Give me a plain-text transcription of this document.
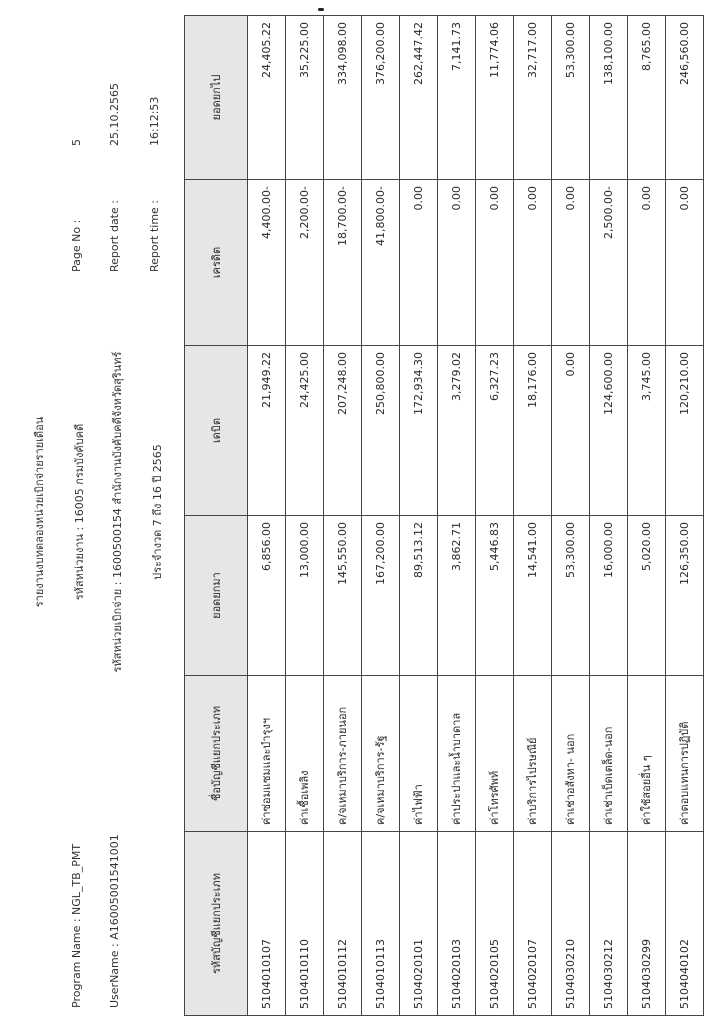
Program Name : NGL_TB_PMT UserName : A1600500154​1001
Page No :5
Report date :25.10.2565
Report time :16:12:53
รายงานงบทดลองหน่วยเบิกจ่ายรายเดือน รหัสหน่วยงาน : 16005 กรมบังคับคดี รหัสหน่วยเบิกจ่าย : 1600500154 สำนักงานบังคับคดีจังหวัดสุรินทร์ ประจำงวด 7 ถึง 16 ปี 2565
รหัสบัญชีแยกประเภท	ชื่อบัญชีแยกประเภท	ยอดยกมา	เดบิต	เครดิต	ยอดยกไป
5104010107	ค่าซ่อมแซมและบำรุงฯ	6,856.00	21,949.22	4,400.00-	24,405.22
5104010110	ค่าเชื้อเพลิง	13,000.00	24,425.00	2,200.00-	35,225.00
5104010112	ค/จเหมาบริการ-ภายนอก	145,550.00	207,248.00	18,700.00-	334,098.00
5104010113	ค/จเหมาบริการ-รัฐ	167,200.00	250,800.00	41,800.00-	376,200.00
5104020101	ค่าไฟฟ้า	89,513.12	172,934.30	0.00	262,447.42
5104020103	ค่าประปาและน้ำบาดาล	3,862.71	3,279.02	0.00	7,141.73
5104020105	ค่าโทรศัพท์	5,446.83	6,327.23	0.00	11,774.06
5104020107	ค่าบริการไปรษณีย์	14,541.00	18,176.00	0.00	32,717.00
5104030210	ค่าเช่าอสังหา- นอก	53,300.00	0.00	0.00	53,300.00
5104030212	ค่าเช่าเบ็ดเตล็ด-นอก	16,000.00	124,600.00	2,500.00-	138,100.00
5104030299	ค่าใช้สอยอื่น ๆ	5,020.00	3,745.00	0.00	8,765.00
5104040102	ค่าตอบแทนการปฏิบัติ	126,350.00	120,210.00	0.00	246,560.00
